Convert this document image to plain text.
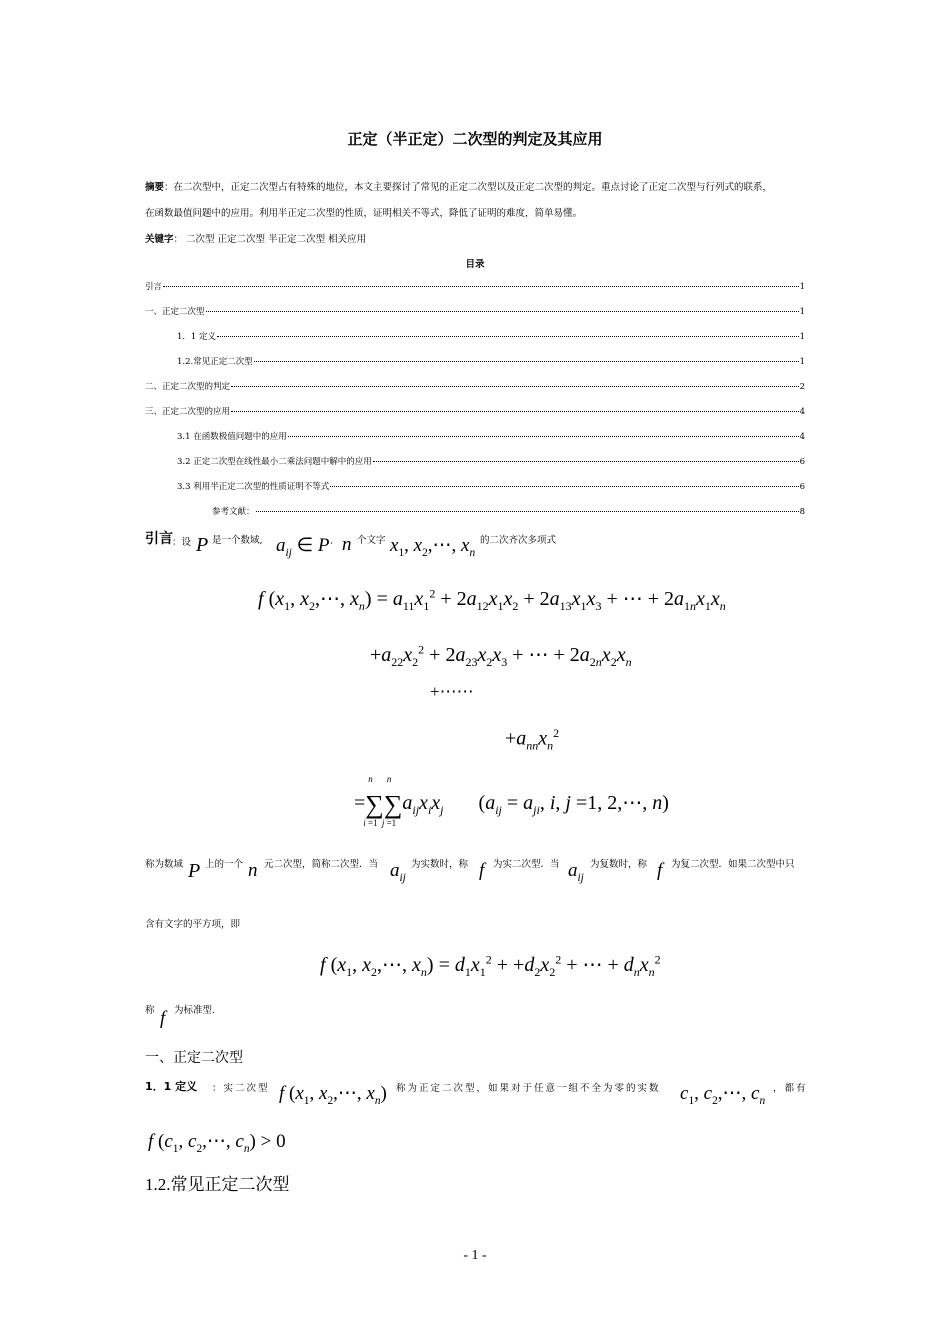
正定（半正定）二次型的判定及其应用
摘要：在二次型中，正定二次型占有特殊的地位，本文主要探讨了常见的正定二次型以及正定二次型的判定。重点讨论了正定二次型与行列式的联系，
在函数最值问题中的应用。利用半正定二次型的性质，证明相关不等式，降低了证明的难度，简单易懂。
关键字： 二次型 正定二次型 半正定二次型 相关应用
目录
引言	1
一、正定二次型	1
1．1 定义	1
1.2.常见正定二次型	1
二、正定二次型的判定	2
三、正定二次型的应用	4
3.1 在函数极值问题中的应用	4
3.2 正定二次型在线性最小二乘法问题中解中的应用	6
3.3 利用半正定二次型的性质证明不等式	6
参考文献：	8
引言 ：设 P 是一个数域, $a_{ij}$ ∈ P · n 个文字 $x_1$, $x_2,\cdots$, $x_n$
的二次齐次多项式
f ($x_1$, $x_2,\cdots$, $x_n) = a_{11}x_1^2 + 2a_{12}x_1x_2 + 2a_{13}x_1x_3$ + ⋯ + $2a_{1n}x_1x_n$
$+a_{22}x_2^2 + 2a_{23}x_2x_3$ + ⋯ + $2a_{2n}x_2x_n$
+⋯⋯
$+a_{nn}x_n^2$
=∑
n
i =1
∑
n
j =1
$a_{ij}x_ix_j$       ($a_{ij} = a_{ji}$, i, j =1, 2,⋯, n)
称为数域 P 上的一个 n 元二次型，简称二次型．当 $a_{ij}$
为实数时，称 f 为实二次型．当 $a_{ij}$
为复数时，称 f 为复二次型．如果二次型中只
含有文字的平方项，即
f ($x_1$, $x_2,\cdots$, $x_n) = d_1x_1^2 + +d_2x_2^2$ + ⋯ + $d_nx_n^2$
称 f 为标准型.
一、正定二次型
1．1 定义 ：实二次型 f ($x_1$, $x_2,\cdots$, $x_n$) 称为正定二次型，如果对于任意一组不全为零的实数 $c_1$, $c_2,\cdots$, $c_n$
，都有
f ($c_1$, $c_2,\cdots$, $c_n) > 0$
1.2.常见正定二次型
- 1 -
